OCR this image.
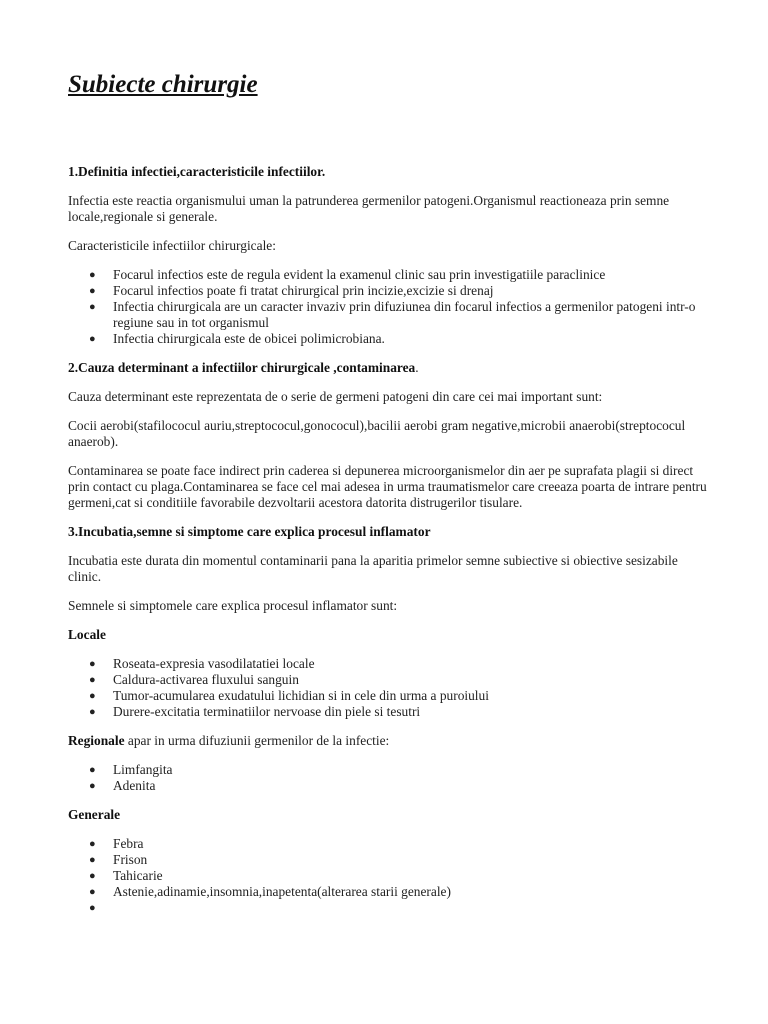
Subiecte chirurgie

1.Definitia infectiei,caracteristicile infectiilor.

Infectia este reactia organismului uman la patrunderea germenilor patogeni.Organismul reactioneaza prin semne locale,regionale si generale.

Caracteristicile infectiilor chirurgicale:

● Focarul infectios este de regula evident la examenul clinic sau prin investigatiile paraclinice
● Focarul infectios poate fi tratat chirurgical prin incizie,excizie si drenaj
● Infectia chirurgicala are un caracter invaziv prin difuziunea din focarul infectios a germenilor patogeni intr-o regiune sau in tot organismul
● Infectia chirurgicala este de obicei polimicrobiana.

2.Cauza determinant a infectiilor chirurgicale ,contaminarea.

Cauza determinant este reprezentata de o serie de germeni patogeni din care cei mai important sunt:

Cocii aerobi(stafilococul auriu,streptococul,gonococul),bacilii aerobi gram negative,microbii anaerobi(streptococul anaerob).

Contaminarea se poate face indirect prin caderea si depunerea microorganismelor din aer pe suprafata plagii si direct prin contact cu plaga.Contaminarea se face cel mai adesea in urma traumatismelor care creeaza poarta de intrare pentru germeni,cat si conditiile favorabile dezvoltarii acestora datorita distrugerilor tisulare.

3.Incubatia,semne si simptome care explica procesul inflamator

Incubatia este durata din momentul contaminarii pana la aparitia primelor semne subiective si obiective sesizabile clinic.

Semnele si simptomele care explica procesul inflamator sunt:

Locale

● Roseata-expresia vasodilatatiei locale
● Caldura-activarea fluxului sanguin
● Tumor-acumularea exudatului lichidian si in cele din urma a puroiului
● Durere-excitatia terminatiilor nervoase din piele si tesutri

Regionale apar in urma difuziunii germenilor de la infectie:

● Limfangita
● Adenita

Generale

● Febra
● Frison
● Tahicarie
● Astenie,adinamie,insomnia,inapetenta(alterarea starii generale)
●
